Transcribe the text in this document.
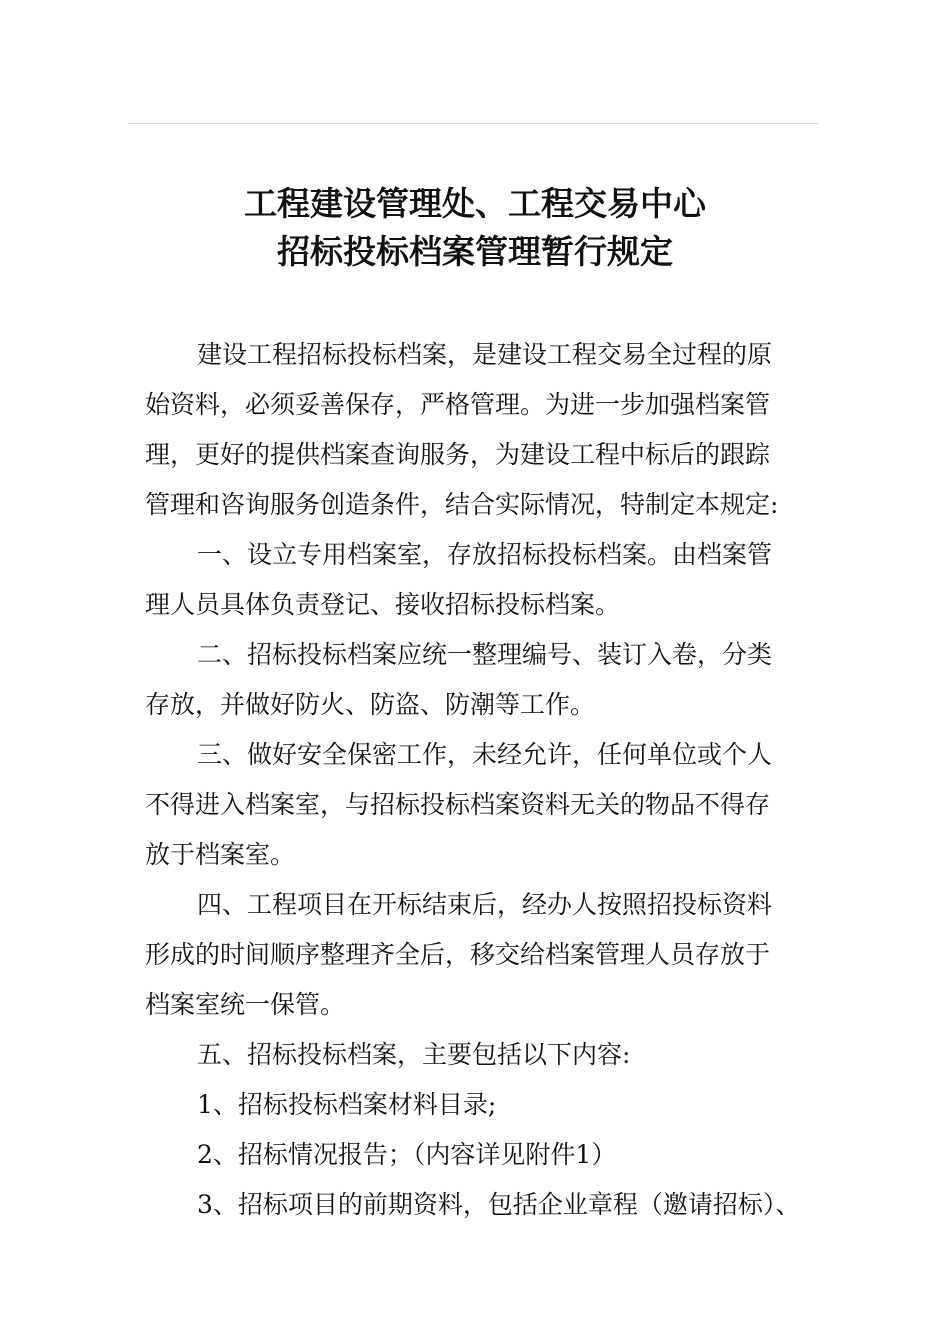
工程建设管理处、工程交易中心
招标投标档案管理暂行规定
建设工程招标投标档案，是建设工程交易全过程的原
始资料，必须妥善保存，严格管理。为进一步加强档案管
理，更好的提供档案查询服务，为建设工程中标后的跟踪
管理和咨询服务创造条件，结合实际情况，特制定本规定:
一、设立专用档案室，存放招标投标档案。由档案管
理人员具体负责登记、接收招标投标档案。
二、招标投标档案应统一整理编号、装订入卷，分类
存放，并做好防火、防盗、防潮等工作。
三、做好安全保密工作，未经允许，任何单位或个人
不得进入档案室，与招标投标档案资料无关的物品不得存
放于档案室。
四、工程项目在开标结束后，经办人按照招投标资料
形成的时间顺序整理齐全后，移交给档案管理人员存放于
档案室统一保管。
五、招标投标档案，主要包括以下内容:
1、招标投标档案材料目录;
2、招标情况报告；（内容详见附件1）
3、招标项目的前期资料，包括企业章程（邀请招标）、
